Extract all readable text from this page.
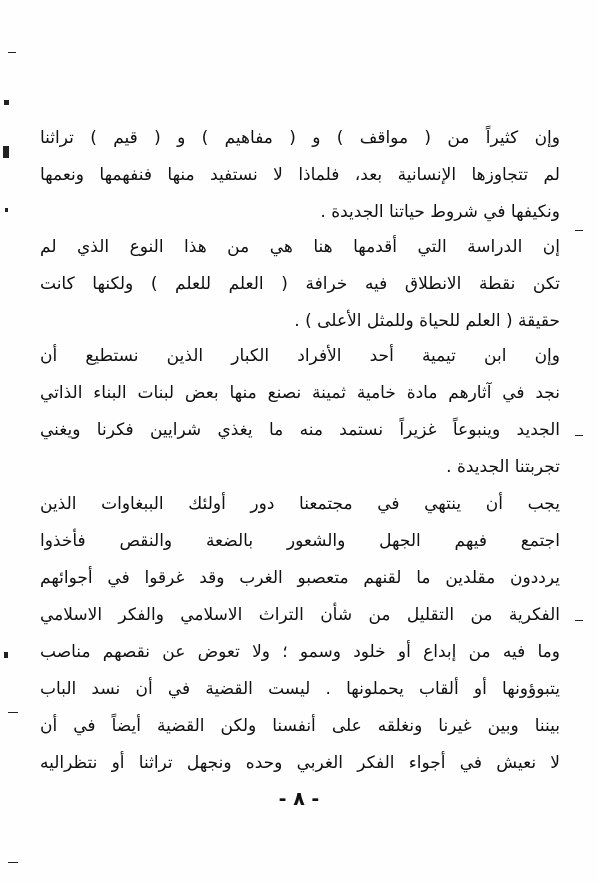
وإن كثيراً من ( مواقف ) و ( مفاهيم ) و ( قيم ) تراثنا
لم تتجاوزها الإنسانية بعد، فلماذا لا نستفيد منها فنفهمها ونعمها
ونكيفها في شروط حياتنا الجديدة .
إن الدراسة التي أقدمها هنا هي من هذا النوع الذي لم
تكن نقطة الانطلاق فيه خرافة ( العلم للعلم ) ولكنها كانت
حقيقة ( العلم للحياة وللمثل الأعلى ) .
وإن ابن تيمية أحد الأفراد الكبار الذين نستطيع أن
نجد في آثارهم مادة خامية ثمينة نصنع منها بعض لبنات البناء الذاتي
الجديد وينبوعاً غزيراً نستمد منه ما يغذي شرايين فكرنا ويغني
تجربتنا الجديدة .
يجب أن ينتهي في مجتمعنا دور أولئك الببغاوات الذين
اجتمع فيهم الجهل والشعور بالضعة والنقص فأخذوا
يرددون مقلدين ما لقنهم متعصبو الغرب وقد غرقوا في أجوائهم
الفكرية من التقليل من شأن التراث الاسلامي والفكر الاسلامي
وما فيه من إبداع أو خلود وسمو ؛ ولا تعوض عن نقصهم مناصب
يتبوؤونها أو ألقاب يحملونها . ليست القضية في أن نسد الباب
بيننا وبين غيرنا ونغلقه على أنفسنا ولكن القضية أيضاً في أن
لا نعيش في أجواء الفكر الغربي وحده ونجهل تراثنا أو نتظراليه
- ٨ -
